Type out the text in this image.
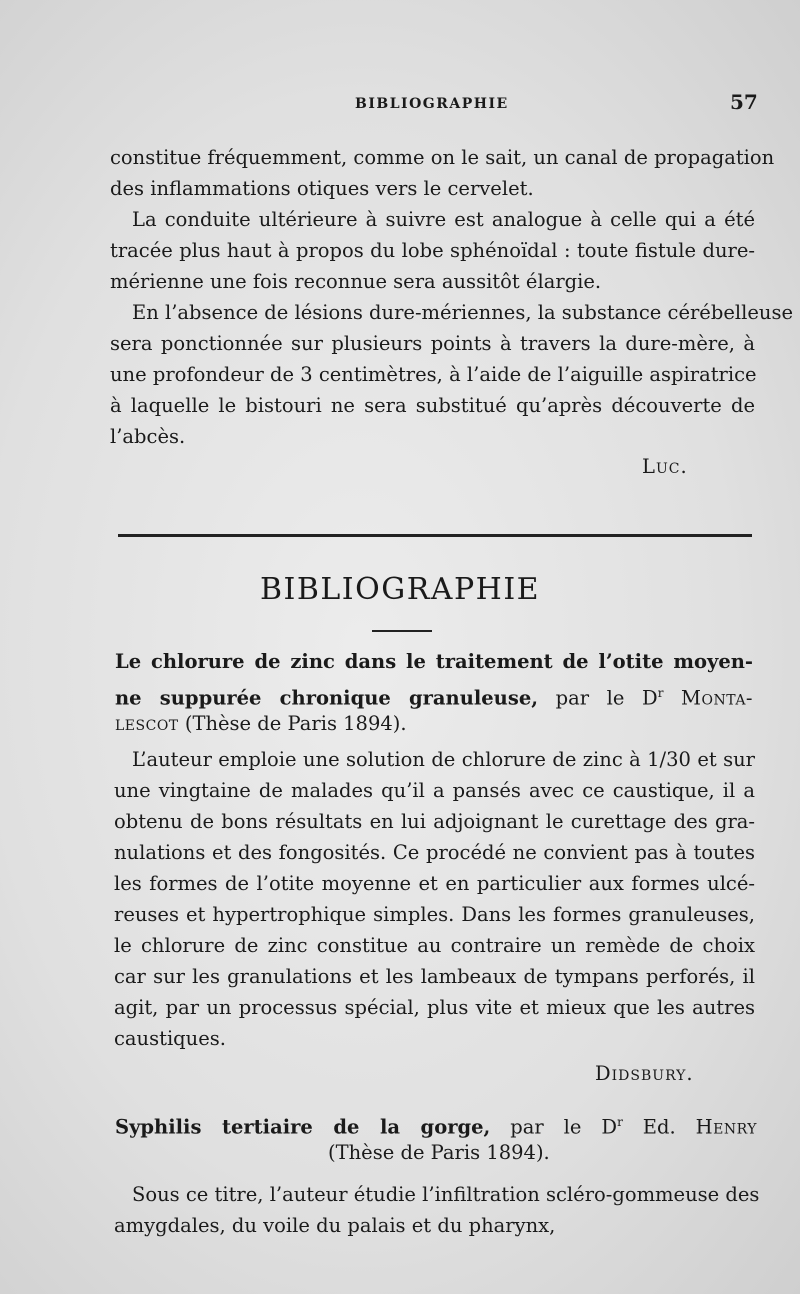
BIBLIOGRAPHIE	57
constitue fréquemment, comme on le sait, un canal de propagation
des inflammations otiques vers le cervelet.
La conduite ultérieure à suivre est analogue à celle qui a été
tracée plus haut à propos du lobe sphénoïdal : toute fistule dure-
mérienne une fois reconnue sera aussitôt élargie.
En l’absence de lésions dure-mériennes, la substance cérébelleuse
sera ponctionnée sur plusieurs points à travers la dure-mère, à
une profondeur de 3 centimètres, à l’aide de l’aiguille aspiratrice
à laquelle le bistouri ne sera substitué qu’après découverte de
l’abcès.
Luc.
BIBLIOGRAPHIE
Le chlorure de zinc dans le traitement de l’otite moyen-
ne suppurée chronique granuleuse, par le $D^r$ Monta-
lescot (Thèse de Paris 1894).
L’auteur emploie une solution de chlorure de zinc à 1/30 et sur
une vingtaine de malades qu’il a pansés avec ce caustique, il a
obtenu de bons résultats en lui adjoignant le curettage des gra-
nulations et des fongosités. Ce procédé ne convient pas à toutes
les formes de l’otite moyenne et en particulier aux formes ulcé-
reuses et hypertrophique simples. Dans les formes granuleuses,
le chlorure de zinc constitue au contraire un remède de choix
car sur les granulations et les lambeaux de tympans perforés, il
agit, par un processus spécial, plus vite et mieux que les autres
caustiques.
Didsbury.
Syphilis tertiaire de la gorge, par le $D^r$ Ed. Henry
(Thèse de Paris 1894).
Sous ce titre, l’auteur étudie l’infiltration scléro-gommeuse des
amygdales, du voile du palais et du pharynx,
